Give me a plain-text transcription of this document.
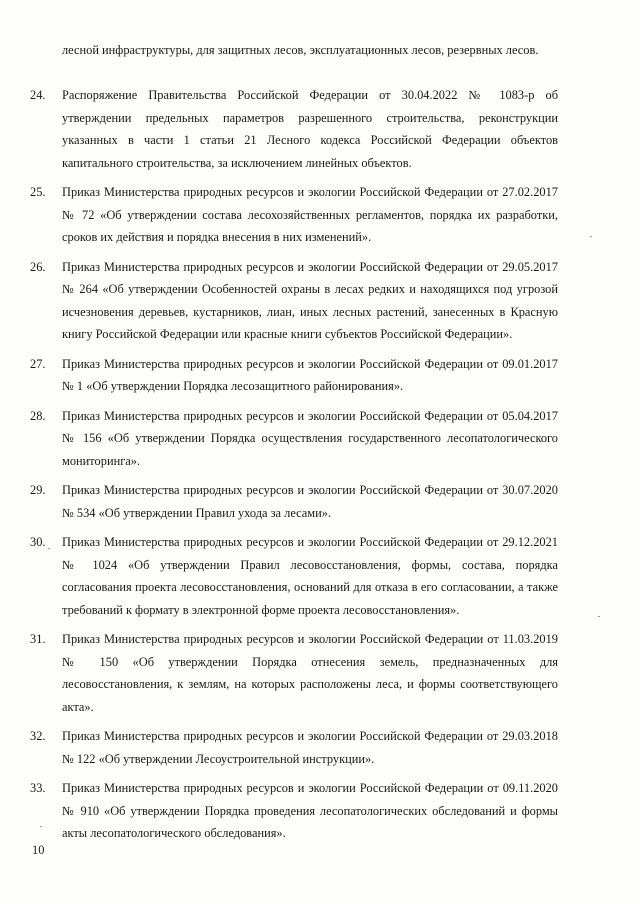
лесной инфраструктуры, для защитных лесов, эксплуатационных лесов, резервных лесов.
24.	Распоряжение Правительства Российской Федерации от 30.04.2022 № 1083-р об утверждении предельных параметров разрешенного строительства, реконструкции указанных в части 1 статьи 21 Лесного кодекса Российской Федерации объектов капитального строительства, за исключением линейных объектов.
25.	Приказ Министерства природных ресурсов и экологии Российской Федерации от 27.02.2017 № 72 «Об утверждении состава лесохозяйственных регламентов, порядка их разработки, сроков их действия и порядка внесения в них изменений».
26.	Приказ Министерства природных ресурсов и экологии Российской Федерации от 29.05.2017 № 264 «Об утверждении Особенностей охраны в лесах редких и находящихся под угрозой исчезновения деревьев, кустарников, лиан, иных лесных растений, занесенных в Красную книгу Российской Федерации или красные книги субъектов Российской Федерации».
27.	Приказ Министерства природных ресурсов и экологии Российской Федерации от 09.01.2017 № 1 «Об утверждении Порядка лесозащитного районирования».
28.	Приказ Министерства природных ресурсов и экологии Российской Федерации от 05.04.2017 № 156 «Об утверждении Порядка осуществления государственного лесопатологического мониторинга».
29.	Приказ Министерства природных ресурсов и экологии Российской Федерации от 30.07.2020 № 534 «Об утверждении Правил ухода за лесами».
30.	Приказ Министерства природных ресурсов и экологии Российской Федерации от 29.12.2021 № 1024 «Об утверждении Правил лесовосстановления, формы, состава, порядка согласования проекта лесовосстановления, оснований для отказа в его согласовании, а также требований к формату в электронной форме проекта лесовосстановления».
31.	Приказ Министерства природных ресурсов и экологии Российской Федерации от 11.03.2019 № 150 «Об утверждении Порядка отнесения земель, предназначенных для лесовосстановления, к землям, на которых расположены леса, и формы соответствующего акта».
32.	Приказ Министерства природных ресурсов и экологии Российской Федерации от 29.03.2018 № 122 «Об утверждении Лесоустроительной инструкции».
33.	Приказ Министерства природных ресурсов и экологии Российской Федерации от 09.11.2020 № 910 «Об утверждении Порядка проведения лесопатологических обследований и формы акты лесопатологического обследования».
10
